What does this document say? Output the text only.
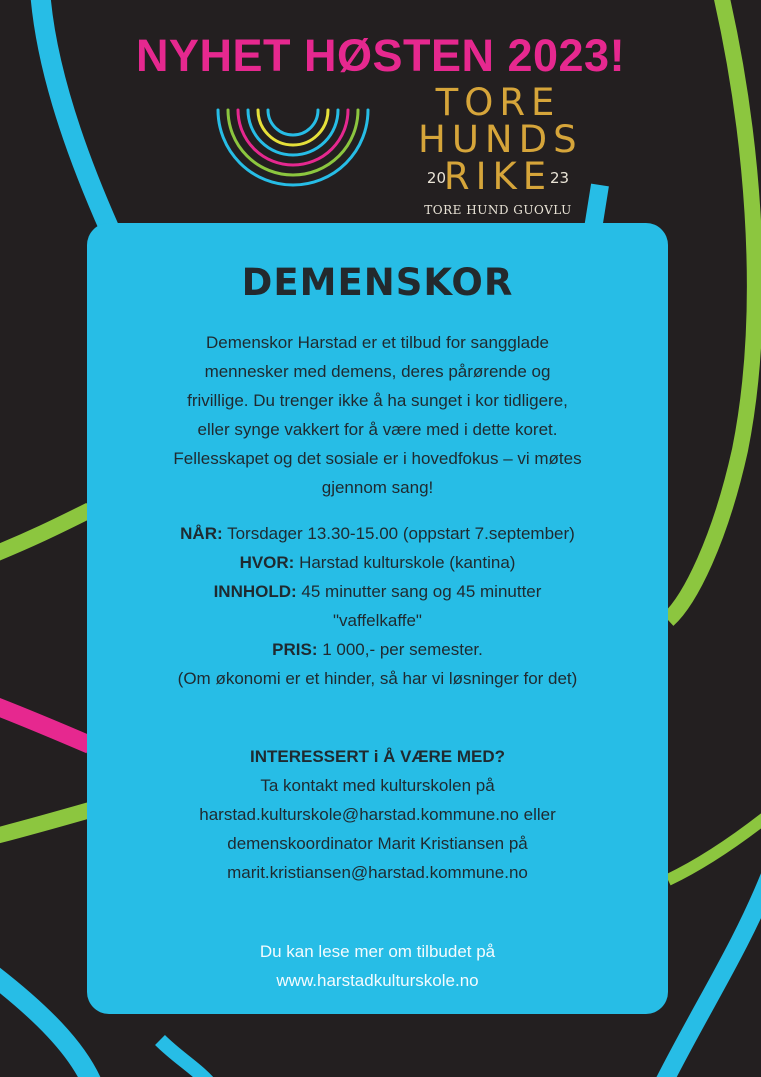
NYHET HØSTEN 2023!
TORE
HUNDS
RIKE
20	23
TORE HUND GUOVLU
DEMENSKOR

Demenskor Harstad er et tilbud for sangglade

mennesker med demens, deres pårørende og

frivillige. Du trenger ikke å ha sunget i kor tidligere,

eller synge vakkert for å være med i dette koret.

Fellesskapet og det sosiale er i hovedfokus – vi møtes

gjennom sang!

NÅR: Torsdager 13.30-15.00 (oppstart 7.september)

HVOR: Harstad kulturskole (kantina)

INNHOLD: 45 minutter sang og 45 minutter

"vaffelkaffe"

PRIS: 1 000,- per semester.

(Om økonomi er et hinder, så har vi løsninger for det)

INTERESSERT i Å VÆRE MED?

Ta kontakt med kulturskolen på

harstad.kulturskole@harstad.kommune.no eller

demenskoordinator Marit Kristiansen på

marit.kristiansen@harstad.kommune.no

Du kan lese mer om tilbudet på

www.harstadkulturskole.no
